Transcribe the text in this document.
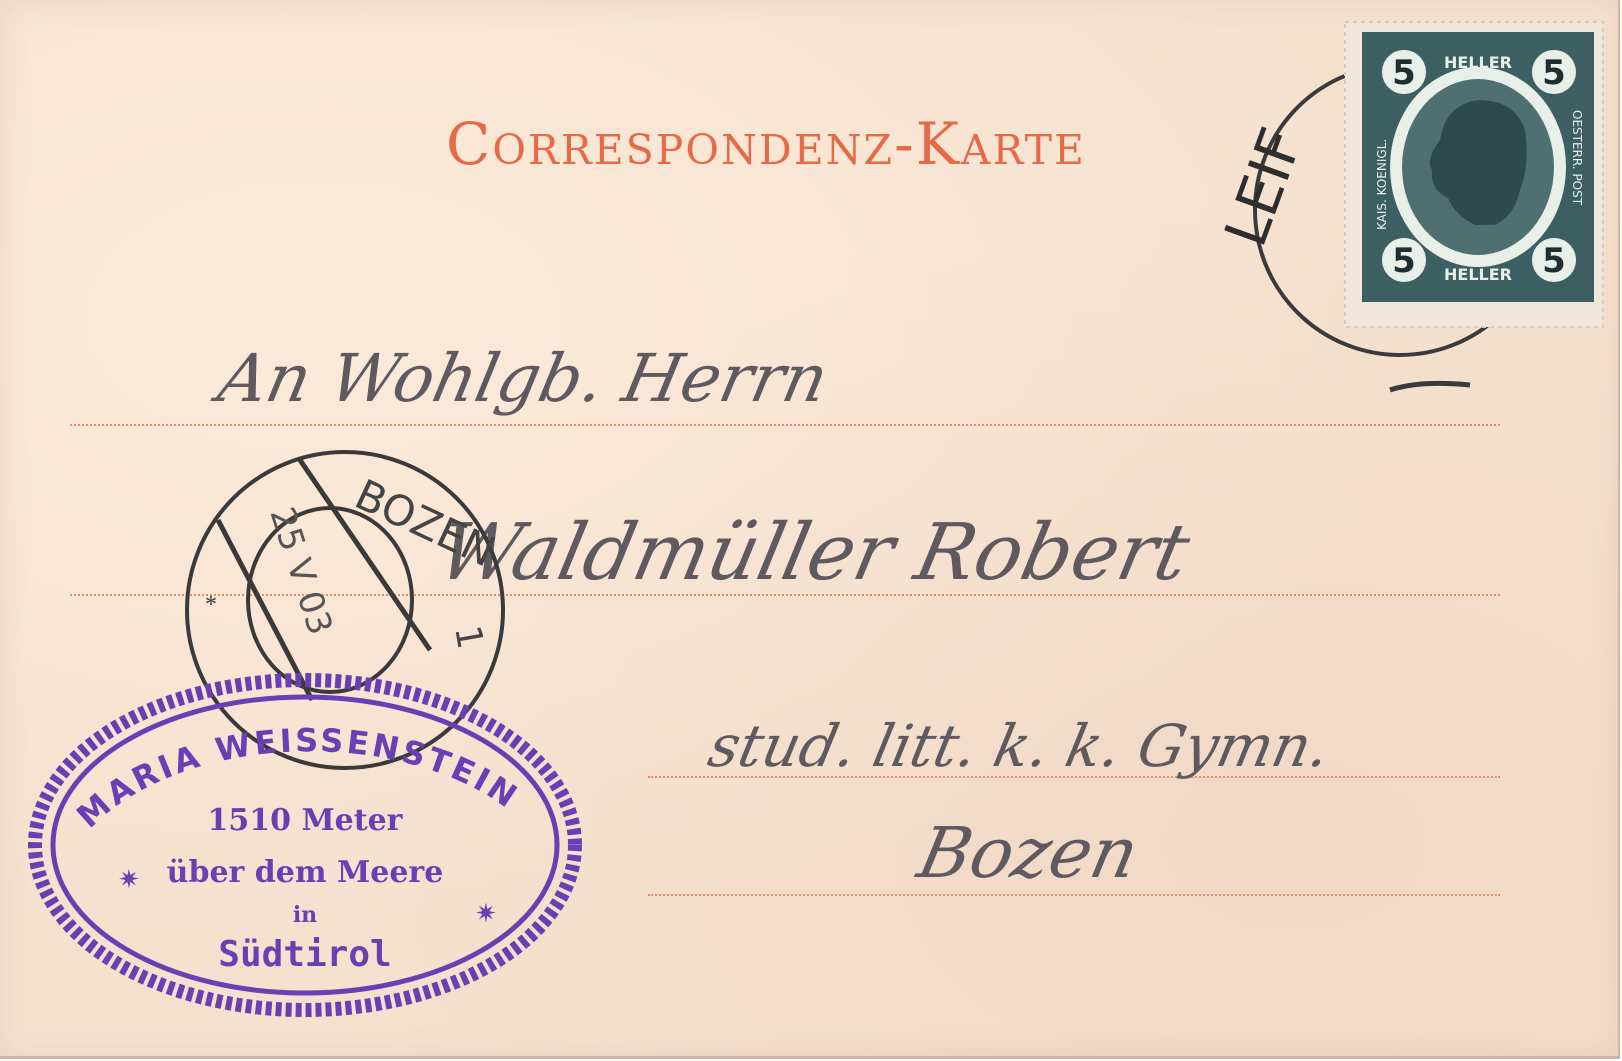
Correspondenz-Karte
An Wohlgb. Herrn
Waldmüller Robert
stud. litt. k. k. Gymn.
Bozen
LEIF
5	5
5	5
HELLER
HELLER
KAIS. KOENIGL.	OESTERR. POST
*
BOZEN
25 V 03	1
✷
✷
MARIA WEISSENSTEIN
1510 Meter
über dem Meere
in
Südtirol
